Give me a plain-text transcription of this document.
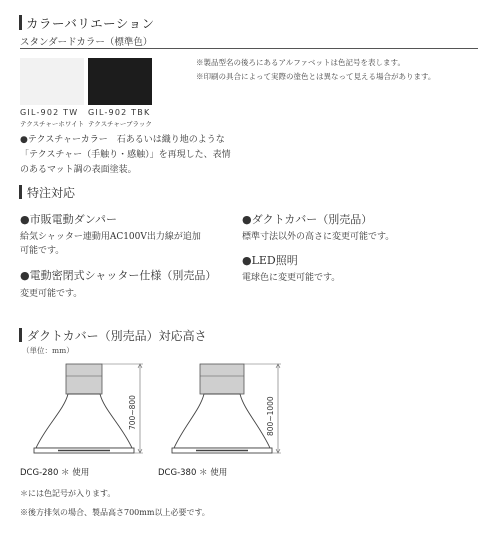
カラーバリエーション
スタンダードカラー（標準色）
GIL-902 TW GIL-902 TBK
テクスチャーホワイト テクスチャーブラック
※製品型名の後ろにあるアルファベットは色記号を表します。
※印刷の具合によって実際の塗色とは異なって見える場合があります。
●テクスチャーカラー　石あるいは織り地のような
「テクスチャー（手触り・感触）」を再現した、表情
のあるマット調の表面塗装。
特注対応
●市販電動ダンパー
給気シャッター連動用AC100V出力線が追加
可能です。
●電動密閉式シャッター仕様（別売品）
変更可能です。
●ダクトカバー（別売品）
標準寸法以外の高さに変更可能です。
●LED照明
電球色に変更可能です。
ダクトカバー（別売品）対応高さ
（単位：mm）
700~800
DCG-280 ＊ 使用
800~1000
DCG-380 ＊ 使用
＊には色記号が入ります。
※後方排気の場合、製品高さ700mm以上必要です。
